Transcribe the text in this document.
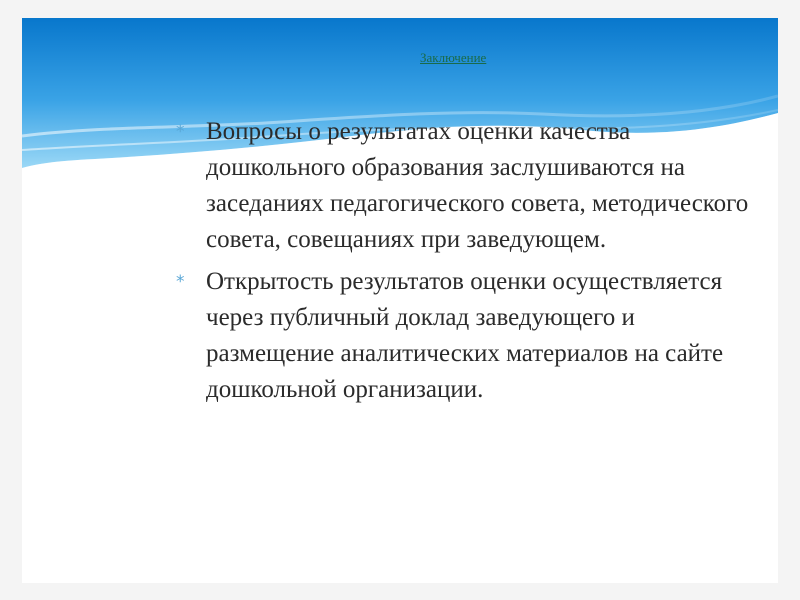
Заключение
* Вопросы о результатах оценки качества дошкольного образования заслушиваются на заседаниях педагогического совета, методического совета, совещаниях при заведующем.
* Открытость результатов оценки осуществляется через публичный доклад заведующего и размещение аналитических материалов на сайте дошкольной организации.
